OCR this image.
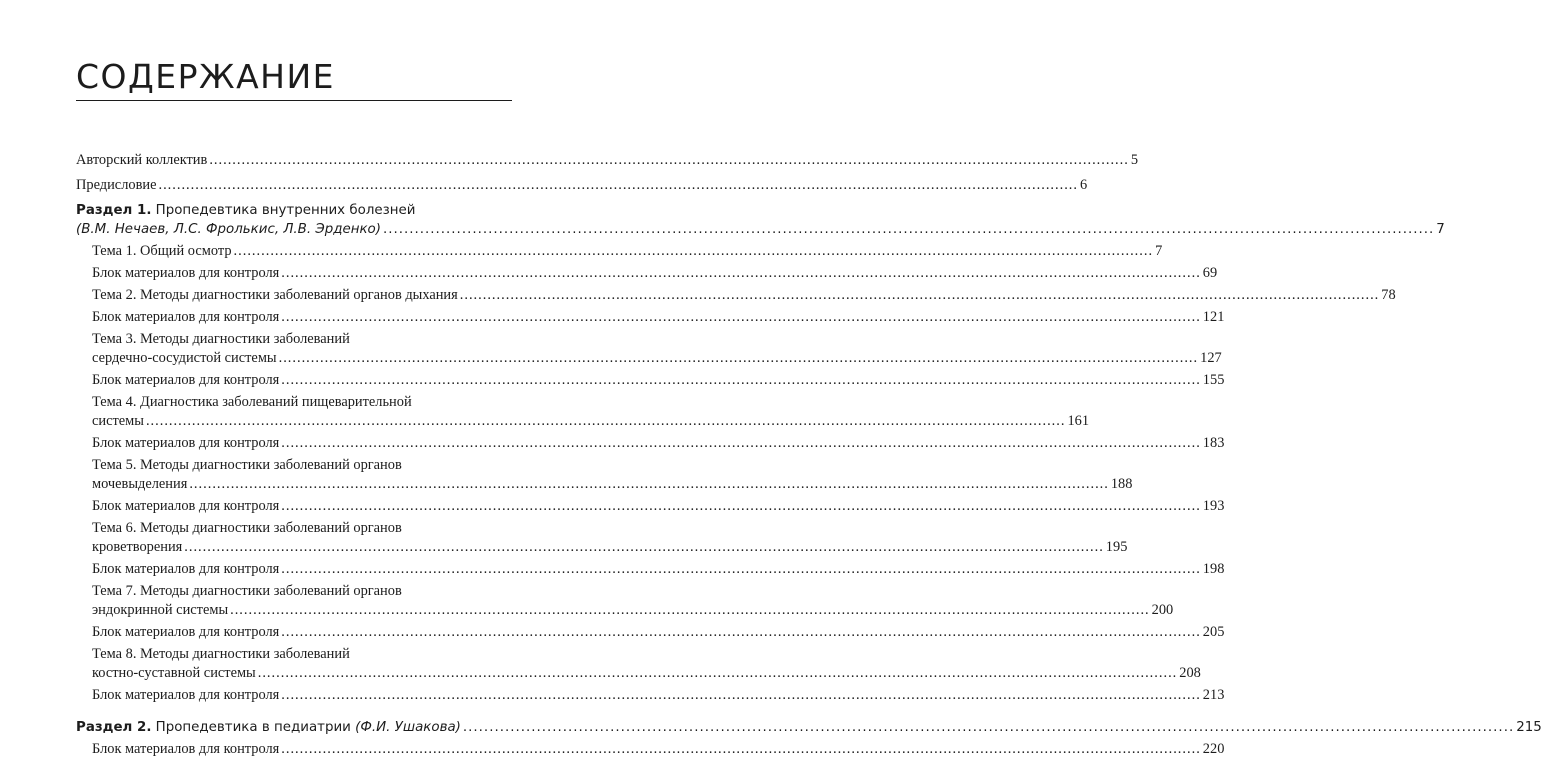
СОДЕРЖАНИЕ
Авторский коллектив .....	5
Предисловие .....	6
Раздел 1. Пропедевтика внутренних болезней
(В.М. Нечаев, Л.С. Фролькис, Л.В. Эрденко) .....	7
Тема 1. Общий осмотр .....	7
Блок материалов для контроля .....	69
Тема 2. Методы диагностики заболеваний органов дыхания .....	78
Блок материалов для контроля .....	121
Тема 3. Методы диагностики заболеваний
сердечно-сосудистой системы .....	127
Блок материалов для контроля .....	155
Тема 4. Диагностика заболеваний пищеварительной
системы .....	161
Блок материалов для контроля .....	183
Тема 5. Методы диагностики заболеваний органов
мочевыделения .....	188
Блок материалов для контроля .....	193
Тема 6. Методы диагностики заболеваний органов
кроветворения .....	195
Блок материалов для контроля .....	198
Тема 7. Методы диагностики заболеваний органов
эндокринной системы .....	200
Блок материалов для контроля .....	205
Тема 8. Методы диагностики заболеваний
костно-суставной системы .....	208
Блок материалов для контроля .....	213
Раздел 2. Пропедевтика в педиатрии (Ф.И. Ушакова) .....	215
Блок материалов для контроля .....	220
